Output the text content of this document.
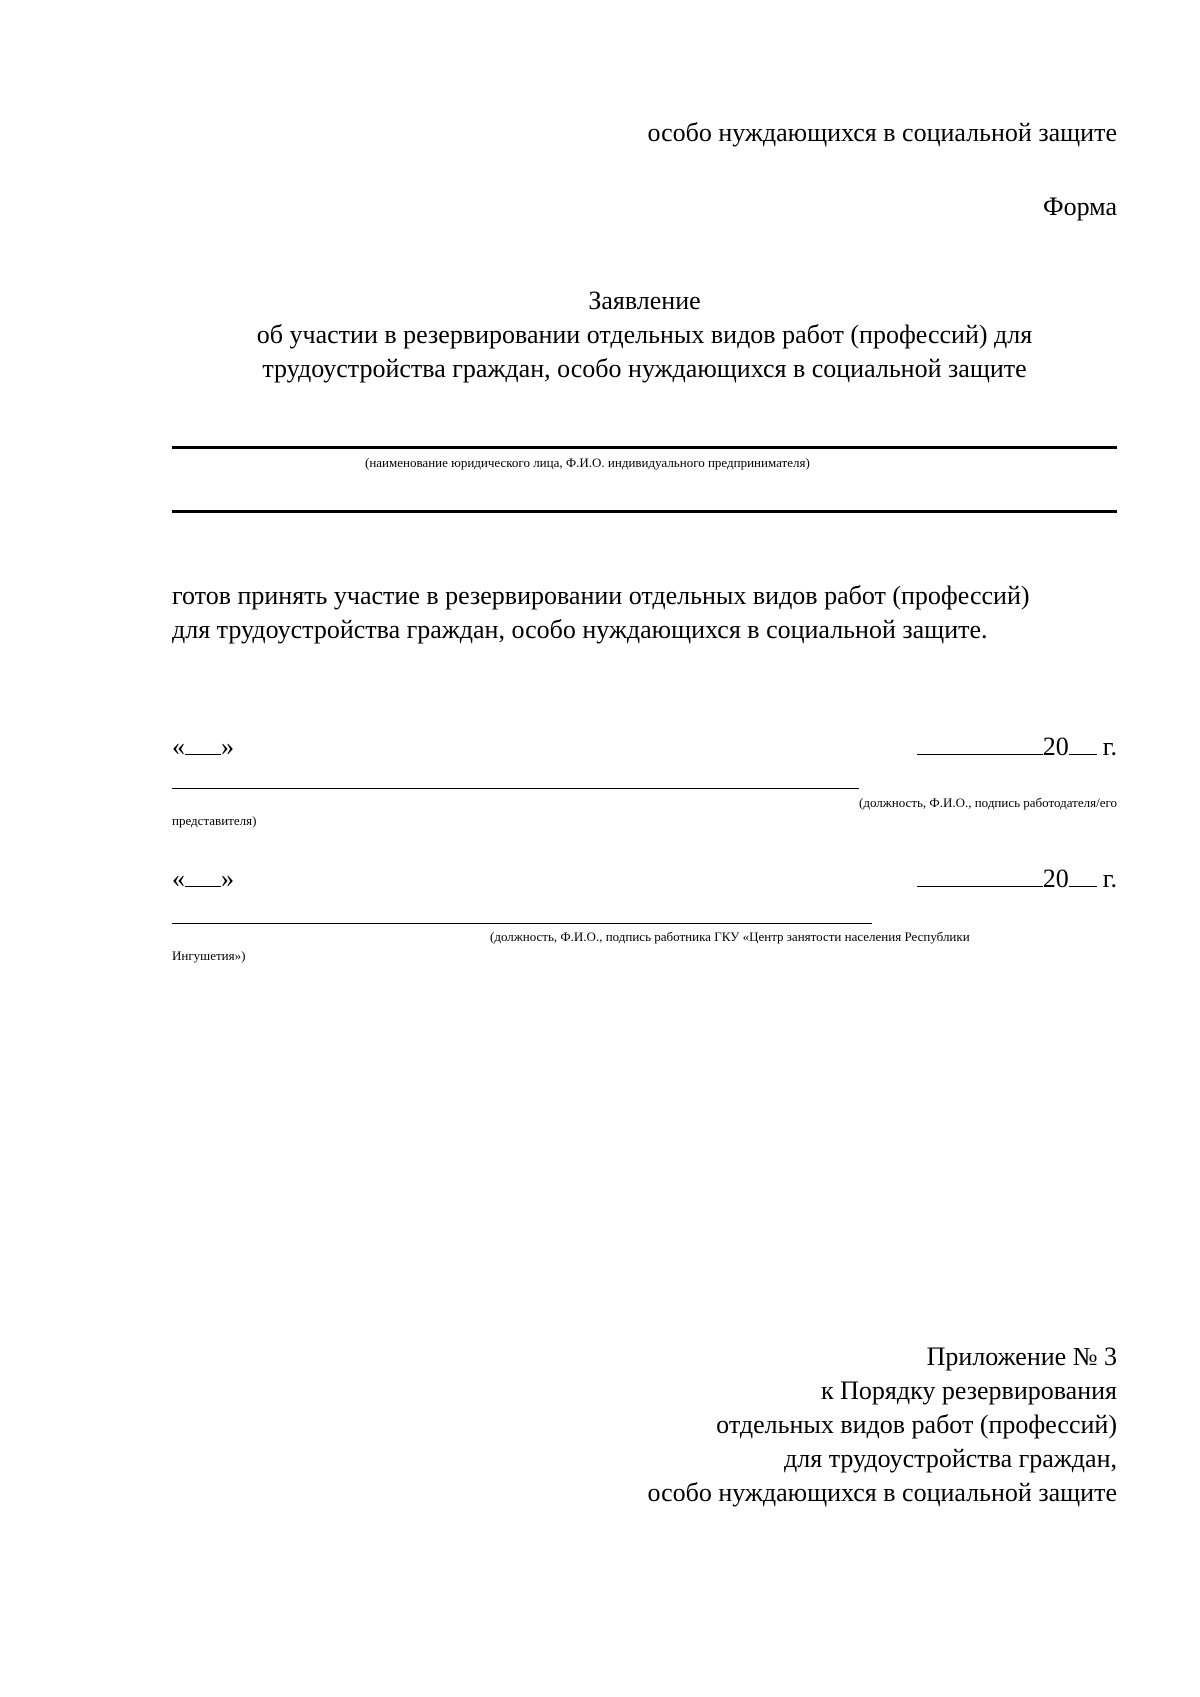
особо нуждающихся в социальной защите
Форма
Заявление
об участии в резервировании отдельных видов работ (профессий) для
трудоустройства граждан, особо нуждающихся в социальной защите
(наименование юридического лица, Ф.И.О. индивидуального предпринимателя)
готов принять участие в резервировании отдельных видов работ (профессий)
для трудоустройства граждан, особо нуждающихся в социальной защите.
« »	20 г.
(должность, Ф.И.О., подпись работодателя/его
представителя)
« »	20 г.
(должность, Ф.И.О., подпись работника ГКУ «Центр занятости населения Республики
Ингушетия»)
Приложение № 3
к Порядку резервирования
отдельных видов работ (профессий)
для трудоустройства граждан,
особо нуждающихся в социальной защите
